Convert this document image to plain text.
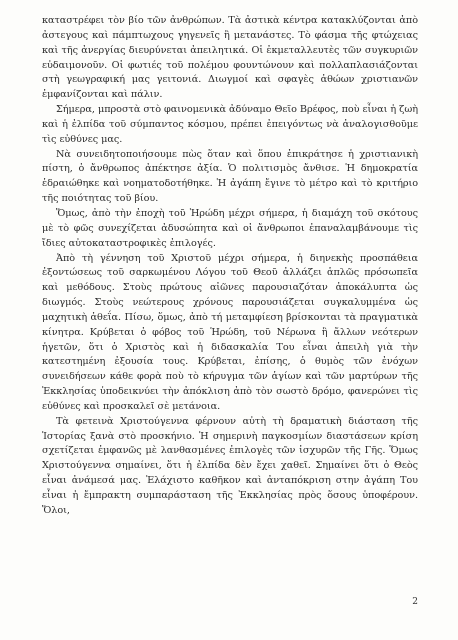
καταστρέφει τὸν βίο τῶν ἀνθρώπων. Τὰ ἀστικὰ κέντρα κατακλύζονται ἀπὸ ἀστεγους καὶ πάμπτωχους γηγενεῖς ἢ μετανάστες. Τὸ φάσμα τῆς φτώχειας καὶ τῆς ἀνεργίας διευρύνεται ἀπειλητικά. Οἱ ἐκμεταλλευτὲς τῶν συγκυριῶν εὐδαιμονοῦν. Οἱ φωτιές τοῦ πολέμου φουντώνουν καὶ πολλαπλασιάζονται στὴ γεωγραφική μας γειτονιά. Διωγμοί καὶ σφαγὲς ἀθώων χριστιανῶν ἐμφανίζονται καὶ πάλιν.

Σήμερα, μπροστὰ στὸ φαινομενικὰ ἀδύναμο Θεῖο Βρέφος, ποὺ εἶναι ἡ ζωὴ καὶ ἡ ἐλπίδα τοῦ σύμπαντος κόσμου, πρέπει ἐπειγόντως νὰ ἀναλογισθοῦμε τὶς εὐθύνες μας.

Νὰ συνειδητοποιήσουμε πὼς ὅταν καὶ ὅπου ἐπικράτησε ἡ χριστιανικὴ πίστη, ὁ ἄνθρωπος ἀπέκτησε ἀξία. Ὁ πολιτισμὸς ἄνθισε. Ἡ δημοκρατία ἑδραιώθηκε καὶ νοηματοδοτήθηκε. Ἡ ἀγάπη ἔγινε τὸ μέτρο καὶ τὸ κριτήριο τῆς ποιότητας τοῦ βίου.

Ὅμως, ἀπὸ τὴν ἐποχὴ τοῦ Ἡρώδη μέχρι σήμερα, ἡ διαμάχη τοῦ σκότους μὲ τὸ φῶς συνεχίζεται ἀδυσώπητα καὶ οἱ ἄνθρωποι ἐπαναλαμβάνουμε τὶς ἴδιες αὐτοκαταστροφικὲς ἐπιλογές.

Ἀπὸ τὴ γέννηση τοῦ Χριστοῦ μέχρι σήμερα, ἡ διηνεκὴς προσπάθεια ἐξοντώσεως τοῦ σαρκωμένου Λόγου τοῦ Θεοῦ ἀλλάζει ἁπλῶς πρόσωπεῖα καὶ μεθόδους. Στοὺς πρώτους αἰῶνες παρουσιαζόταν ἀποκάλυπτα ὡς διωγμός. Στοὺς νεώτερους χρόνους παρουσιάζεται συγκαλυμμένα ὡς μαχητικὴ ἀθεΐα. Πίσω, ὅμως, ἀπὸ τή μεταμφίεση βρίσκονται τὰ πραγματικὰ κίνητρα. Κρύβεται ὁ φόβος τοῦ Ἡρώδη, τοῦ Νέρωνα ἢ ἄλλων νεότερων ἡγετῶν, ὅτι ὁ Χριστὸς καὶ ἡ διδασκαλία Του εἶναι ἀπειλὴ γιὰ τὴν κατεστημένη ἐξουσία τους. Κρύβεται, ἐπίσης, ὁ θυμὸς τῶν ἐνόχων συνειδήσεων κάθε φορὰ ποὺ τὸ κήρυγμα τῶν ἁγίων καὶ τῶν μαρτύρων τῆς Ἐκκλησίας ὑποδεικνύει τὴν ἀπόκλιση ἀπὸ τὸν σωστὸ δρόμο, φανερώνει τὶς εὐθύνες καὶ προσκαλεῖ σὲ μετάνοια.

Τὰ φετεινὰ Χριστούγεννα φέρνουν αὐτὴ τὴ δραματικὴ διάσταση τῆς Ἱστορίας ξανὰ στὸ προσκήνιο. Ἡ σημερινὴ παγκοσμίων διαστάσεων κρίση σχετίζεται ἐμφανῶς μὲ λανθασμένες ἐπιλογὲς τῶν ἰσχυρῶν τῆς Γῆς. Ὅμως Χριστούγεννα σημαίνει, ὅτι ἡ ἐλπίδα δὲν ἔχει χαθεῖ. Σημαίνει ὅτι ὁ Θεὸς εἶναι ἀνάμεσά μας. Ἐλάχιστο καθῆκον καὶ ἀνταπόκριση στην ἀγάπη Του εἶναι ἡ ἔμπρακτη συμπαράσταση τῆς Ἐκκλησίας πρὸς ὅσους ὑποφέρουν. Ὅλοι,

2
